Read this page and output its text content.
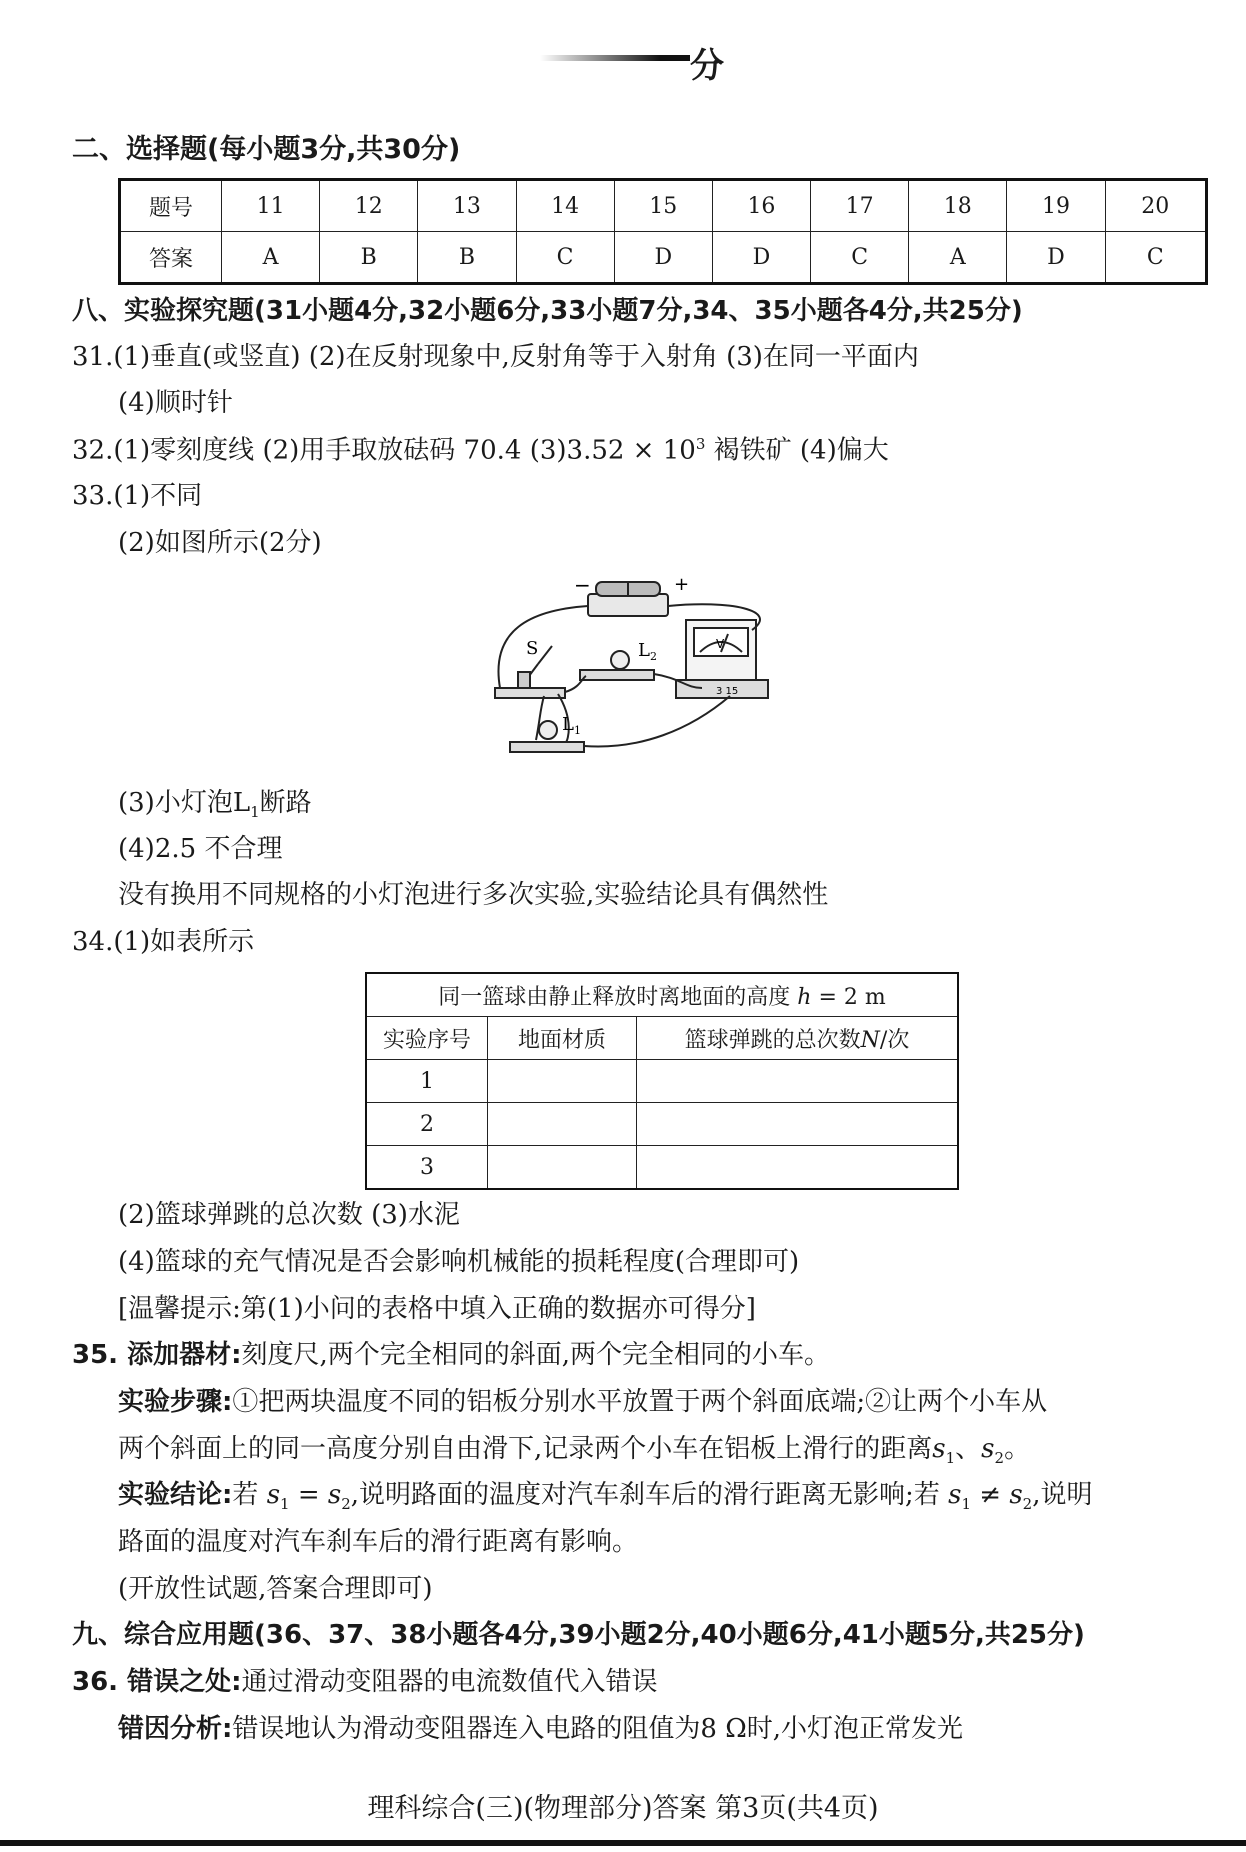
分
二、选择题(每小题3分,共30分)
题号	11	12	13	14	15	16	17	18	19	20
答案	A	B	B	C	D	D	C	A	D	C
八、实验探究题(31小题4分,32小题6分,33小题7分,34、35小题各4分,共25分)
31.(1)垂直(或竖直) (2)在反射现象中,反射角等于入射角 (3)在同一平面内
(4)顺时针
32.(1)零刻度线 (2)用手取放砝码 70.4 $(3)3.52 \times 10^3$ 褐铁矿 (4)偏大
33.(1)不同
(2)如图所示(2分)
−	+
S	$L_2$
$L_1$
V
3 15
(3)小灯泡$L_1$断路
(4)2.5 不合理
没有换用不同规格的小灯泡进行多次实验,实验结论具有偶然性
34.(1)如表所示
同一篮球由静止释放时离地面的高度 h = 2 m		
实验序号	地面材质	篮球弹跳的总次数N/次
1		
2		
3		
(2)篮球弹跳的总次数 (3)水泥
(4)篮球的充气情况是否会影响机械能的损耗程度(合理即可)
[温馨提示:第(1)小问的表格中填入正确的数据亦可得分]
35. 添加器材:刻度尺,两个完全相同的斜面,两个完全相同的小车。
实验步骤:①把两块温度不同的铝板分别水平放置于两个斜面底端;②让两个小车从
两个斜面上的同一高度分别自由滑下,记录两个小车在铝板上滑行的距离$s_1$、$s_2$。
实验结论:若 $s_1 = s_2$,说明路面的温度对汽车刹车后的滑行距离无影响;若 $s_1 \ne s_2$,说明
路面的温度对汽车刹车后的滑行距离有影响。
(开放性试题,答案合理即可)
九、综合应用题(36、37、38小题各4分,39小题2分,40小题6分,41小题5分,共25分)
36. 错误之处:通过滑动变阻器的电流数值代入错误
错因分析:错误地认为滑动变阻器连入电路的阻值为8 Ω时,小灯泡正常发光
理科综合(三)(物理部分)答案 第3页(共4页)
